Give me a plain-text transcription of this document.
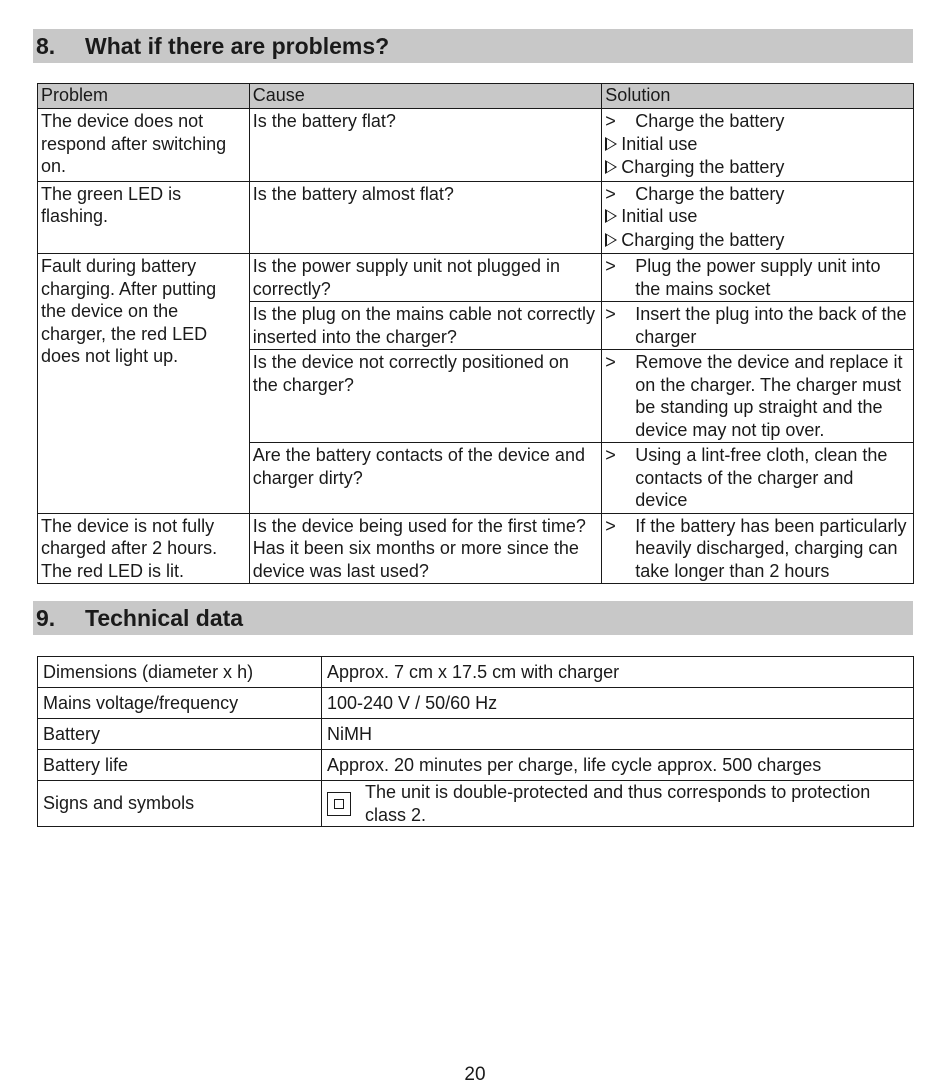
8.	What if there are problems?
Problem	Cause	Solution
The device does not respond after switching on.	Is the battery flat?	> Charge the battery
Initial use
Charging the battery

The green LED is flashing.	Is the battery almost flat?	> Charge the battery
Initial use
Charging the battery

Fault during battery charging. After putting the device on the charger, the red LED does not light up.	Is the power supply unit not plugged in correctly?	> Plug the power supply unit into the mains socket

	Is the plug on the mains cable not correctly inserted into the charger?	> Insert the plug into the back of the charger

	Is the device not correctly positioned on the charger?	> Remove the device and replace it on the charger. The charger must be standing up straight and the device may not tip over.

	Are the battery contacts of the device and charger dirty?	> Using a lint-free cloth, clean the contacts of the charger and device

The device is not fully charged after 2 hours. The red LED is lit.	Is the device being used for the first time? Has it been six months or more since the device was last used?	> If the battery has been particularly heavily discharged, charging can take longer than 2 hours
9.	Technical data
Dimensions (diameter x h)	Approx. 7 cm x 17.5 cm with charger
Mains voltage/frequency	100-240 V / 50/60 Hz
Battery	NiMH
Battery life	Approx. 20 minutes per charge, life cycle approx. 500 charges
Signs and symbols	The unit is double-protected and thus corresponds to protection class 2.
20
